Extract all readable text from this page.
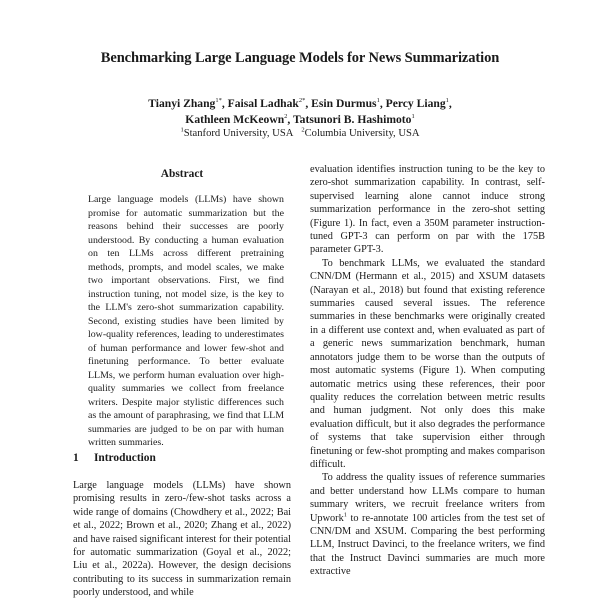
Benchmarking Large Language Models for News Summarization
Tianyi Zhang$^{1*}$, Faisal Ladhak$^{2*}$, Esin Durmus$^1$, Percy Liang$^1$,
Kathleen McKeown$^2$, Tatsunori B. Hashimoto$^1$
$^1$Stanford University, USA $^2$Columbia University, USA
Abstract
Large language models (LLMs) have shown promise for automatic summarization but the reasons behind their successes are poorly understood. By conducting a human evaluation on ten LLMs across different pretraining methods, prompts, and model scales, we make two important observations. First, we find instruction tuning, not model size, is the key to the LLM's zero-shot summarization capability. Second, existing studies have been limited by low-quality references, leading to underestimates of human performance and lower few-shot and finetuning performance. To better evaluate LLMs, we perform human evaluation over high-quality summaries we collect from freelance writers. Despite major stylistic differences such as the amount of paraphrasing, we find that LLM summaries are judged to be on par with human written summaries.
1 Introduction
Large language models (LLMs) have shown promising results in zero-/few-shot tasks across a wide range of domains (Chowdhery et al., 2022; Bai et al., 2022; Brown et al., 2020; Zhang et al., 2022) and have raised significant interest for their potential for automatic summarization (Goyal et al., 2022; Liu et al., 2022a). However, the design decisions contributing to its success in summarization remain poorly understood, and while

evaluation identifies instruction tuning to be the key to zero-shot summarization capability. In contrast, self-supervised learning alone cannot induce strong summarization performance in the zero-shot setting (Figure 1). In fact, even a 350M parameter instruction-tuned GPT-3 can perform on par with the 175B parameter GPT-3.

To benchmark LLMs, we evaluated the standard CNN/DM (Hermann et al., 2015) and XSUM datasets (Narayan et al., 2018) but found that existing reference summaries caused several issues. The reference summaries in these benchmarks were originally created in a different use context and, when evaluated as part of a generic news summarization benchmark, human annotators judge them to be worse than the outputs of most automatic systems (Figure 1). When computing automatic metrics using these references, their poor quality reduces the correlation between metric results and human judgment. Not only does this make evaluation difficult, but it also degrades the performance of systems that take supervision either through finetuning or few-shot prompting and makes comparison difficult.

To address the quality issues of reference summaries and better understand how LLMs compare to human summary writers, we recruit freelance writers from Upwork$^1$ to re-annotate 100 articles from the test set of CNN/DM and XSUM. Comparing the best performing LLM, Instruct Davinci, to the freelance writers, we find that the Instruct Davinci summaries are much more extractive
